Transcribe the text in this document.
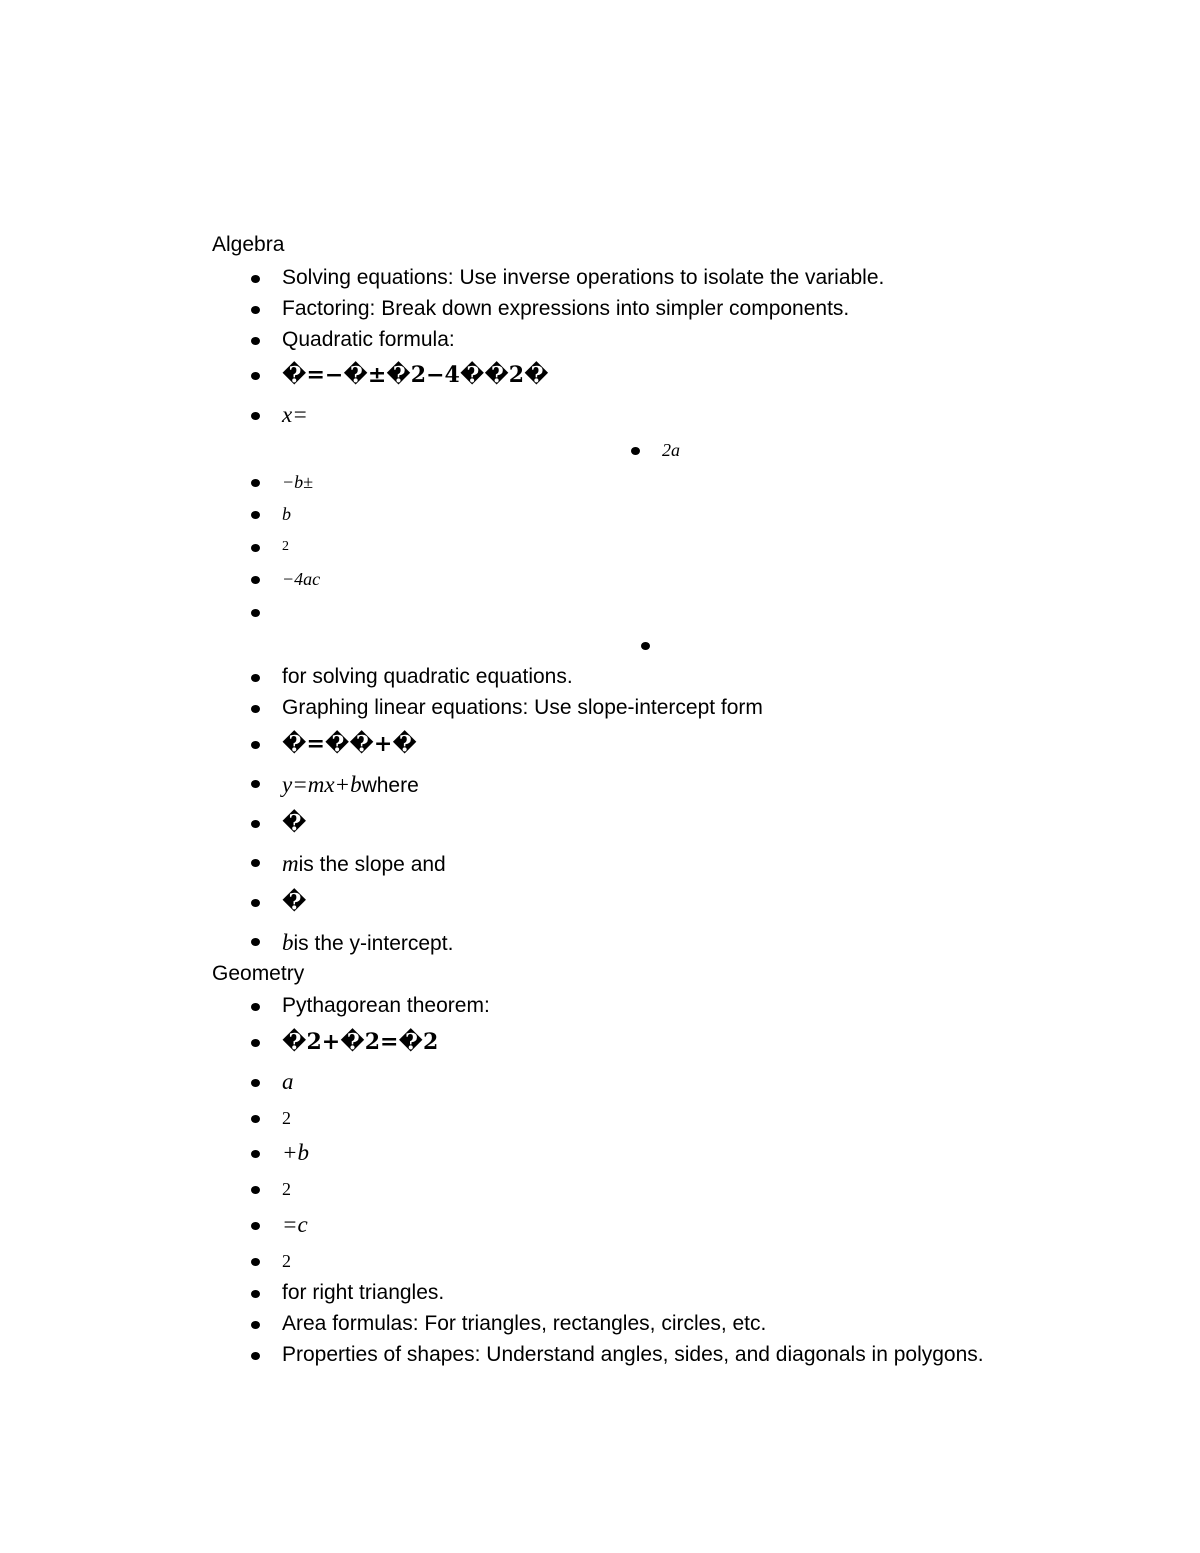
Algebra
Solving equations: Use inverse operations to isolate the variable.
Factoring: Break down expressions into simpler components.
Quadratic formula:
�=−�±�2−4��2�
x=
2a
−b±
b
2
−4ac
for solving quadratic equations.
Graphing linear equations: Use slope-intercept form
�=��+�
y=mx+b where
�
m is the slope and
�
b is the y-intercept.
Geometry
Pythagorean theorem:
�2+�2=�2
a
2
+b
2
=c
2
for right triangles.
Area formulas: For triangles, rectangles, circles, etc.
Properties of shapes: Understand angles, sides, and diagonals in polygons.
